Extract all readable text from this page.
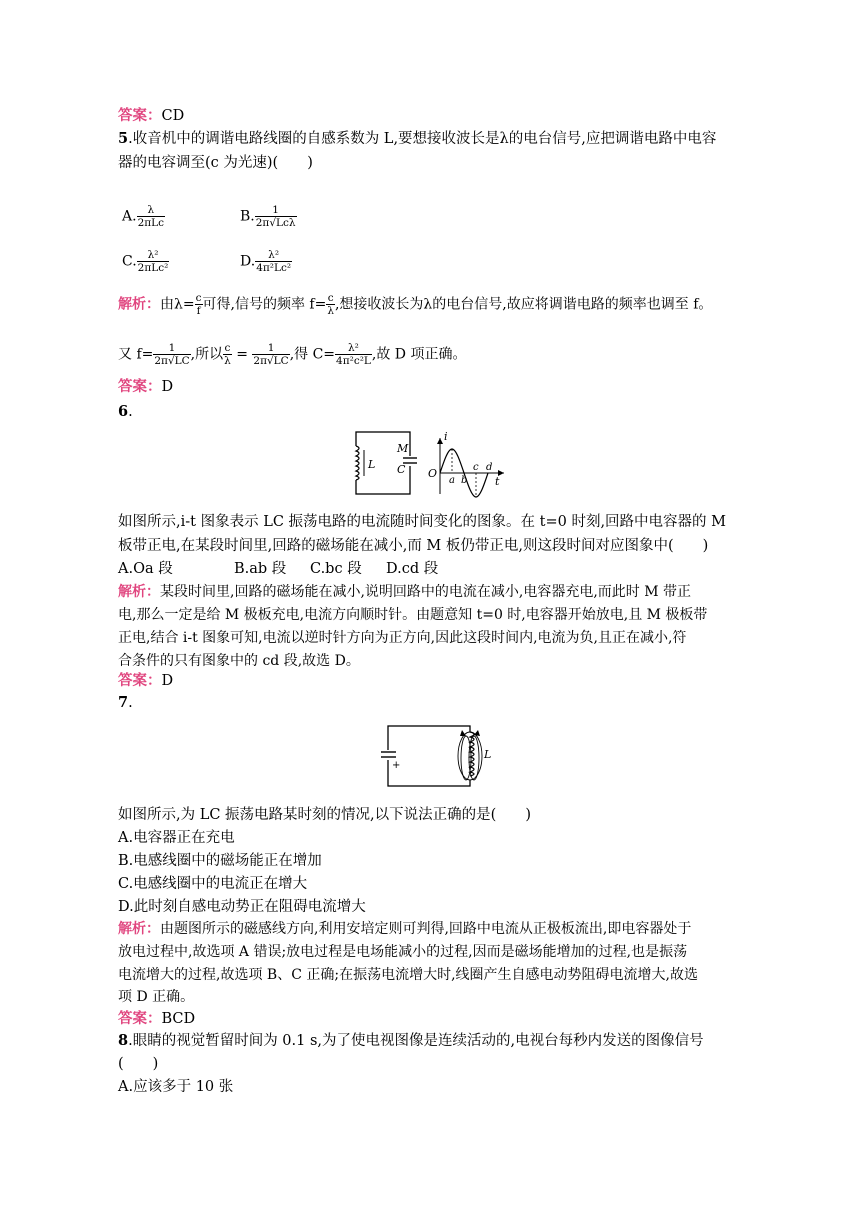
答案：CD
5.收音机中的调谐电路线圈的自感系数为 L,要想接收波长是λ的电台信号,应把调谐电路中电容
器的电容调至(c 为光速)(　　)
A. $\frac{\lambda}{\text{2πLc}}$	B. $\frac{1}{\text{2π√Lcλ}}$
C. $\frac{\text{λ²}}{\text{2πLc²}}$	D. $\frac{\text{λ²}}{\text{4π²Lc²}}$
解析：由$\lambda= \frac{c}{f}$ 可得,信号的频率 $f= \frac{c}{\lambda}$ ,想接收波长为λ的电台信号,故应将调谐电路的频率也调至 f。
又 $f= \frac{1}{2\pi√LC}$ ,所以 $\frac{c}{\lambda} = \frac{1}{2\pi√LC}$ ,得 $C= \frac{\text{λ²}}{\text{4π²c²L}}$ ,故 D 项正确。
答案：D
6.
L
M
C
i
O
a b
c d
t
如图所示,i-t 图象表示 LC 振荡电路的电流随时间变化的图象。在 t=0 时刻,回路中电容器的 M
板带正电,在某段时间里,回路的磁场能在减小,而 M 板仍带正电,则这段时间对应图象中(　　)
A.Oa 段	B.ab 段 C.bc 段 D.cd 段
解析：某段时间里,回路的磁场能在减小,说明回路中的电流在减小,电容器充电,而此时 M 带正
电,那么一定是给 M 极板充电,电流方向顺时针。由题意知 t=0 时,电容器开始放电,且 M 极板带
正电,结合 i-t 图象可知,电流以逆时针方向为正方向,因此这段时间内,电流为负,且正在减小,符
合条件的只有图象中的 cd 段,故选 D。
答案：D
7.
+
L
如图所示,为 LC 振荡电路某时刻的情况,以下说法正确的是(　　)
A.电容器正在充电
B.电感线圈中的磁场能正在增加
C.电感线圈中的电流正在增大
D.此时刻自感电动势正在阻碍电流增大
解析：由题图所示的磁感线方向,利用安培定则可判得,回路中电流从正极板流出,即电容器处于
放电过程中,故选项 A 错误;放电过程是电场能减小的过程,因而是磁场能增加的过程,也是振荡
电流增大的过程,故选项 B、C 正确;在振荡电流增大时,线圈产生自感电动势阻碍电流增大,故选
项 D 正确。
答案：BCD
8.眼睛的视觉暂留时间为 0.1 s,为了使电视图像是连续活动的,电视台每秒内发送的图像信号
(　　)
A.应该多于 10 张
